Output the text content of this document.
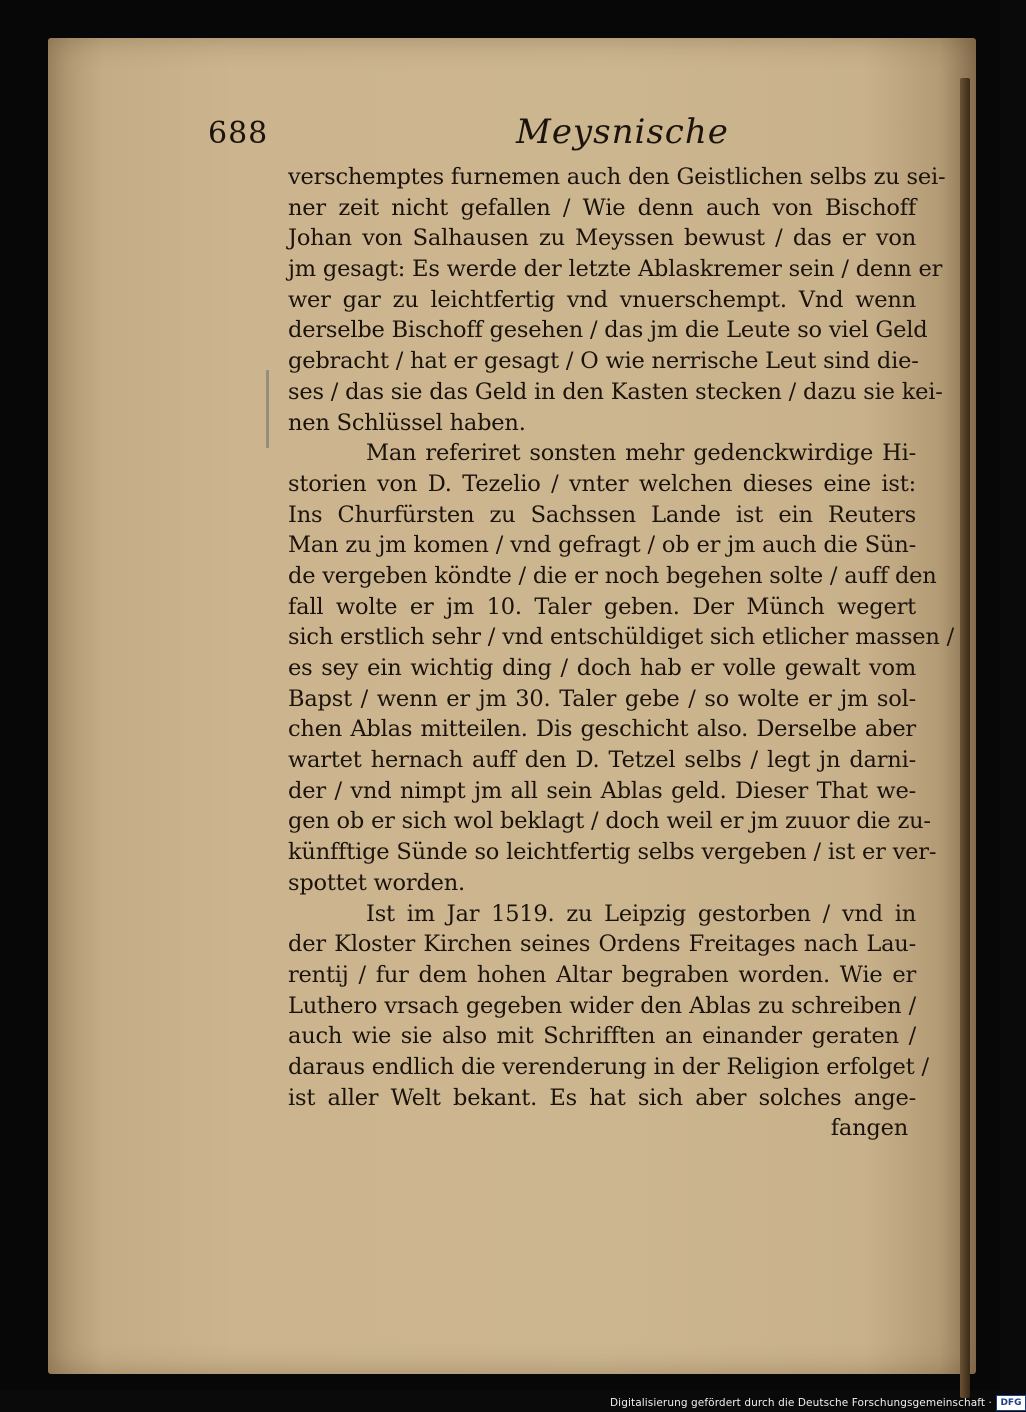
688	Meysnische
verschemptes furnemen auch den Geistlichen selbs zu sei-
ner zeit nicht gefallen / Wie denn auch von Bischoff
Johan von Salhausen zu Meyssen bewust / das er von
jm gesagt: Es werde der letzte Ablaskremer sein / denn er
wer gar zu leichtfertig vnd vnuerschempt. Vnd wenn
derselbe Bischoff gesehen / das jm die Leute so viel Geld
gebracht / hat er gesagt / O wie nerrische Leut sind die-
ses / das sie das Geld in den Kasten stecken / dazu sie kei-
nen Schlüssel haben.
Man referiret sonsten mehr gedenckwirdige Hi-
storien von D. Tezelio / vnter welchen dieses eine ist:
Ins Churfürsten zu Sachssen Lande ist ein Reuters
Man zu jm komen / vnd gefragt / ob er jm auch die Sün-
de vergeben köndte / die er noch begehen solte / auff den
fall wolte er jm 10. Taler geben. Der Münch wegert
sich erstlich sehr / vnd entschüldiget sich etlicher massen /
es sey ein wichtig ding / doch hab er volle gewalt vom
Bapst / wenn er jm 30. Taler gebe / so wolte er jm sol-
chen Ablas mitteilen. Dis geschicht also. Derselbe aber
wartet hernach auff den D. Tetzel selbs / legt jn darni-
der / vnd nimpt jm all sein Ablas geld. Dieser That we-
gen ob er sich wol beklagt / doch weil er jm zuuor die zu-
künfftige Sünde so leichtfertig selbs vergeben / ist er ver-
spottet worden.
Ist im Jar 1519. zu Leipzig gestorben / vnd in
der Kloster Kirchen seines Ordens Freitages nach Lau-
rentij / fur dem hohen Altar begraben worden. Wie er
Luthero vrsach gegeben wider den Ablas zu schreiben /
auch wie sie also mit Schrifften an einander geraten /
daraus endlich die verenderung in der Religion erfolget /
ist aller Welt bekant. Es hat sich aber solches ange-
fangen
Digitalisierung gefördert durch die Deutsche Forschungsgemeinschaft · DFG
